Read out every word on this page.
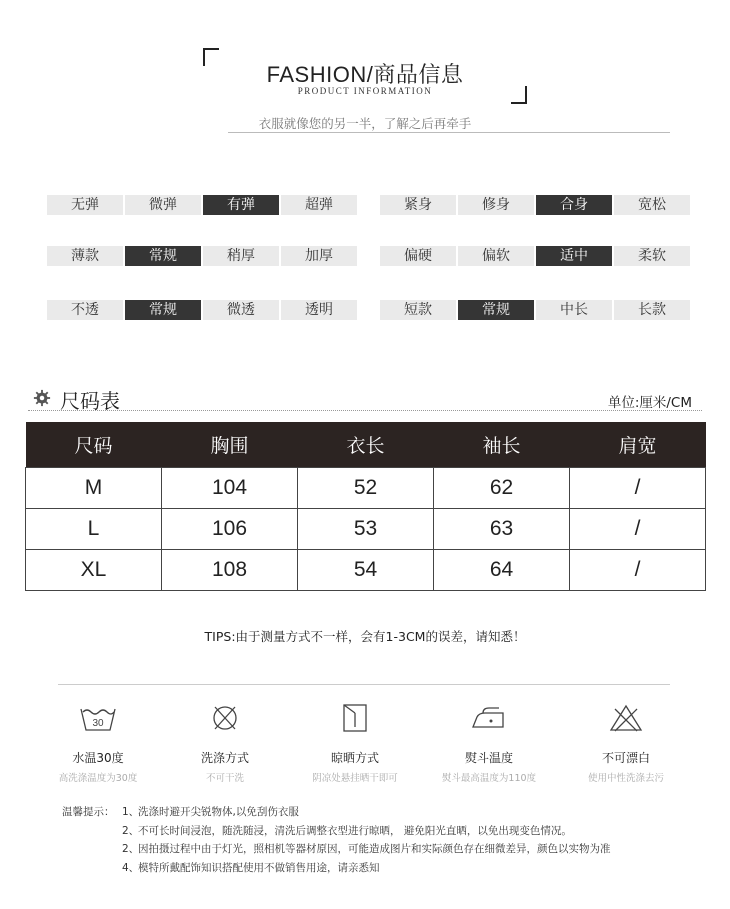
FASHION/商品信息
PRODUCT INFORMATION
衣服就像您的另一半，了解之后再牵手
无弹	微弹	有弹	超弹	紧身	修身	合身	宽松
薄款	常规	稍厚	加厚	偏硬	偏软	适中	柔软
不透	常规	微透	透明	短款	常规	中长	长款
尺码表	单位:厘米/CM
尺码	胸围	衣长	袖长	肩宽
M	104	52	62	/
L	106	53	63	/
XL	108	54	64	/
TIPS:由于测量方式不一样，会有1-3CM的误差，请知悉！
30
水温30度
高洗涤温度为30度
洗涤方式
不可干洗
晾晒方式
阴凉处悬挂晒干即可
熨斗温度
熨斗最高温度为110度
不可漂白
使用中性洗涤去污
温馨提示： 1、
洗涤时避开尖锐物体,以免刮伤衣服
2、
不可长时间浸泡，随洗随浸，清洗后调整衣型进行晾晒， 避免阳光直晒，以免出现变色情况。
2、
因拍摄过程中由于灯光，照相机等器材原因，可能造成图片和实际颜色存在细微差异，颜色以实物为准
4、
模特所戴配饰知识搭配使用不做销售用途，请亲悉知
